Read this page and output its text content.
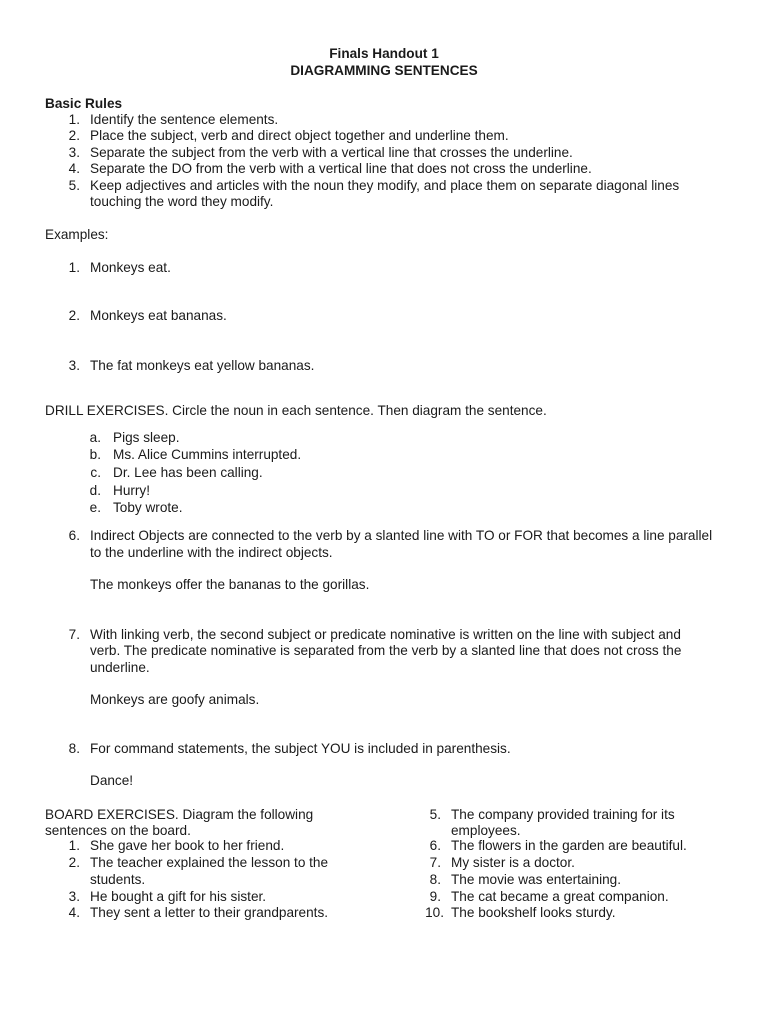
Finals Handout 1
DIAGRAMMING SENTENCES
Basic Rules
1. Identify the sentence elements.
2. Place the subject, verb and direct object together and underline them.
3. Separate the subject from the verb with a vertical line that crosses the underline.
4. Separate the DO from the verb with a vertical line that does not cross the underline.
5. Keep adjectives and articles with the noun they modify, and place them on separate diagonal lines
touching the word they modify.
Examples:
1. Monkeys eat.
2. Monkeys eat bananas.
3. The fat monkeys eat yellow bananas.
DRILL EXERCISES. Circle the noun in each sentence. Then diagram the sentence.
a. Pigs sleep.
b. Ms. Alice Cummins interrupted.
c. Dr. Lee has been calling.
d. Hurry!
e. Toby wrote.
6. Indirect Objects are connected to the verb by a slanted line with TO or FOR that becomes a line parallel
to the underline with the indirect objects.
The monkeys offer the bananas to the gorillas.
7. With linking verb, the second subject or predicate nominative is written on the line with subject and
verb. The predicate nominative is separated from the verb by a slanted line that does not cross the
underline.
Monkeys are goofy animals.
8. For command statements, the subject YOU is included in parenthesis.
Dance!
BOARD EXERCISES. Diagram the following
sentences on the board.
1. She gave her book to her friend.
2. The teacher explained the lesson to the
students.
3. He bought a gift for his sister.
4. They sent a letter to their grandparents.
5. The company provided training for its
employees.
6. The flowers in the garden are beautiful.
7. My sister is a doctor.
8. The movie was entertaining.
9. The cat became a great companion.
10. The bookshelf looks sturdy.
